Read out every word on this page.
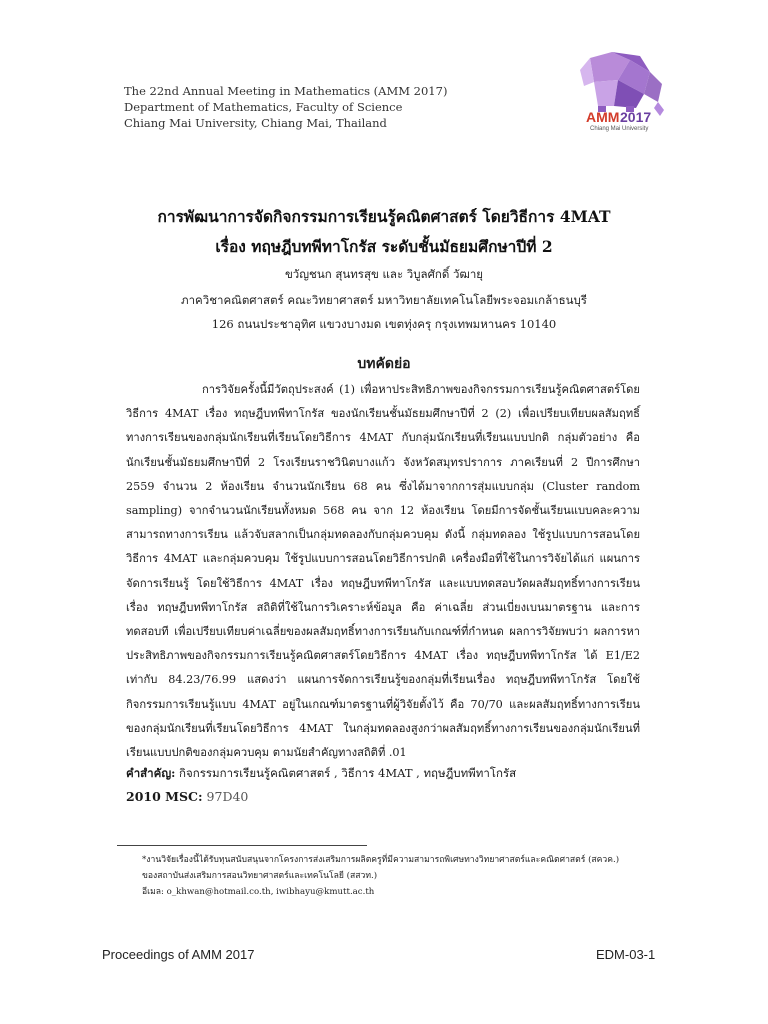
The 22nd Annual Meeting in Mathematics (AMM 2017)
Department of Mathematics, Faculty of Science
Chiang Mai University, Chiang Mai, Thailand	AMM 2017
Chiang Mai University
การพัฒนาการจัดกิจกรรมการเรียนรู้คณิตศาสตร์ โดยวิธีการ 4MAT
เรื่อง ทฤษฎีบทพีทาโกรัส ระดับชั้นมัธยมศึกษาปีที่ 2
ขวัญชนก สุนทรสุข และ วิบูลศักดิ์ วัฒายุ
ภาควิชาคณิตศาสตร์ คณะวิทยาศาสตร์ มหาวิทยาลัยเทคโนโลยีพระจอมเกล้าธนบุรี
126 ถนนประชาอุทิศ แขวงบางมด เขตทุ่งครุ กรุงเทพมหานคร 10140
บทคัดย่อ
การวิจัยครั้งนี้มีวัตถุประสงค์ (1) เพื่อหาประสิทธิภาพของกิจกรรมการเรียนรู้คณิตศาสตร์โดยวิธีการ 4MAT เรื่อง ทฤษฎีบทพีทาโกรัส ของนักเรียนชั้นมัธยมศึกษาปีที่ 2 (2) เพื่อเปรียบเทียบผลสัมฤทธิ์ทางการเรียนของกลุ่มนักเรียนที่เรียนโดยวิธีการ 4MAT กับกลุ่มนักเรียนที่เรียนแบบปกติ กลุ่มตัวอย่าง คือ นักเรียนชั้นมัธยมศึกษาปีที่ 2 โรงเรียนราชวินิตบางแก้ว จังหวัดสมุทรปราการ ภาคเรียนที่ 2 ปีการศึกษา 2559 จำนวน 2 ห้องเรียน จำนวนนักเรียน 68 คน ซึ่งได้มาจากการสุ่มแบบกลุ่ม (Cluster random sampling) จากจำนวนนักเรียนทั้งหมด 568 คน จาก 12 ห้องเรียน โดยมีการจัดชั้นเรียนแบบคละความสามารถทางการเรียน แล้วจับสลากเป็นกลุ่มทดลองกับกลุ่มควบคุม ดังนี้ กลุ่มทดลอง ใช้รูปแบบการสอนโดยวิธีการ 4MAT และกลุ่มควบคุม ใช้รูปแบบการสอนโดยวิธีการปกติ เครื่องมือที่ใช้ในการวิจัยได้แก่ แผนการจัดการเรียนรู้ โดยใช้วิธีการ 4MAT เรื่อง ทฤษฎีบทพีทาโกรัส และแบบทดสอบวัดผลสัมฤทธิ์ทางการเรียน เรื่อง ทฤษฎีบทพีทาโกรัส สถิติที่ใช้ในการวิเคราะห์ข้อมูล คือ ค่าเฉลี่ย ส่วนเบี่ยงเบนมาตรฐาน และการทดสอบที เพื่อเปรียบเทียบค่าเฉลี่ยของผลสัมฤทธิ์ทางการเรียนกับเกณฑ์ที่กำหนด ผลการวิจัยพบว่า ผลการหาประสิทธิภาพของกิจกรรมการเรียนรู้คณิตศาสตร์โดยวิธีการ 4MAT เรื่อง ทฤษฎีบทพีทาโกรัส ได้ E1/E2 เท่ากับ 84.23/76.99 แสดงว่า แผนการจัดการเรียนรู้ของกลุ่มที่เรียนเรื่อง ทฤษฎีบทพีทาโกรัส โดยใช้กิจกรรมการเรียนรู้แบบ 4MAT อยู่ในเกณฑ์มาตรฐานที่ผู้วิจัยตั้งไว้ คือ 70/70 และผลสัมฤทธิ์ทางการเรียนของกลุ่มนักเรียนที่เรียนโดยวิธีการ 4MAT ในกลุ่มทดลองสูงกว่าผลสัมฤทธิ์ทางการเรียนของกลุ่มนักเรียนที่เรียนแบบปกติของกลุ่มควบคุม ตามนัยสำคัญทางสถิติที่ .01
คำสำคัญ: กิจกรรมการเรียนรู้คณิตศาสตร์ , วิธีการ 4MAT , ทฤษฎีบทพีทาโกรัส
2010 MSC: 97D40
*งานวิจัยเรื่องนี้ได้รับทุนสนับสนุนจากโครงการส่งเสริมการผลิตครูที่มีความสามารถพิเศษทางวิทยาศาสตร์และคณิตศาสตร์ (สควค.)
ของสถาบันส่งเสริมการสอนวิทยาศาสตร์และเทคโนโลยี (สสวท.)
อีเมล: o_khwan@hotmail.co.th, iwibhayu@kmutt.ac.th
Proceedings of AMM 2017	EDM-03-1
